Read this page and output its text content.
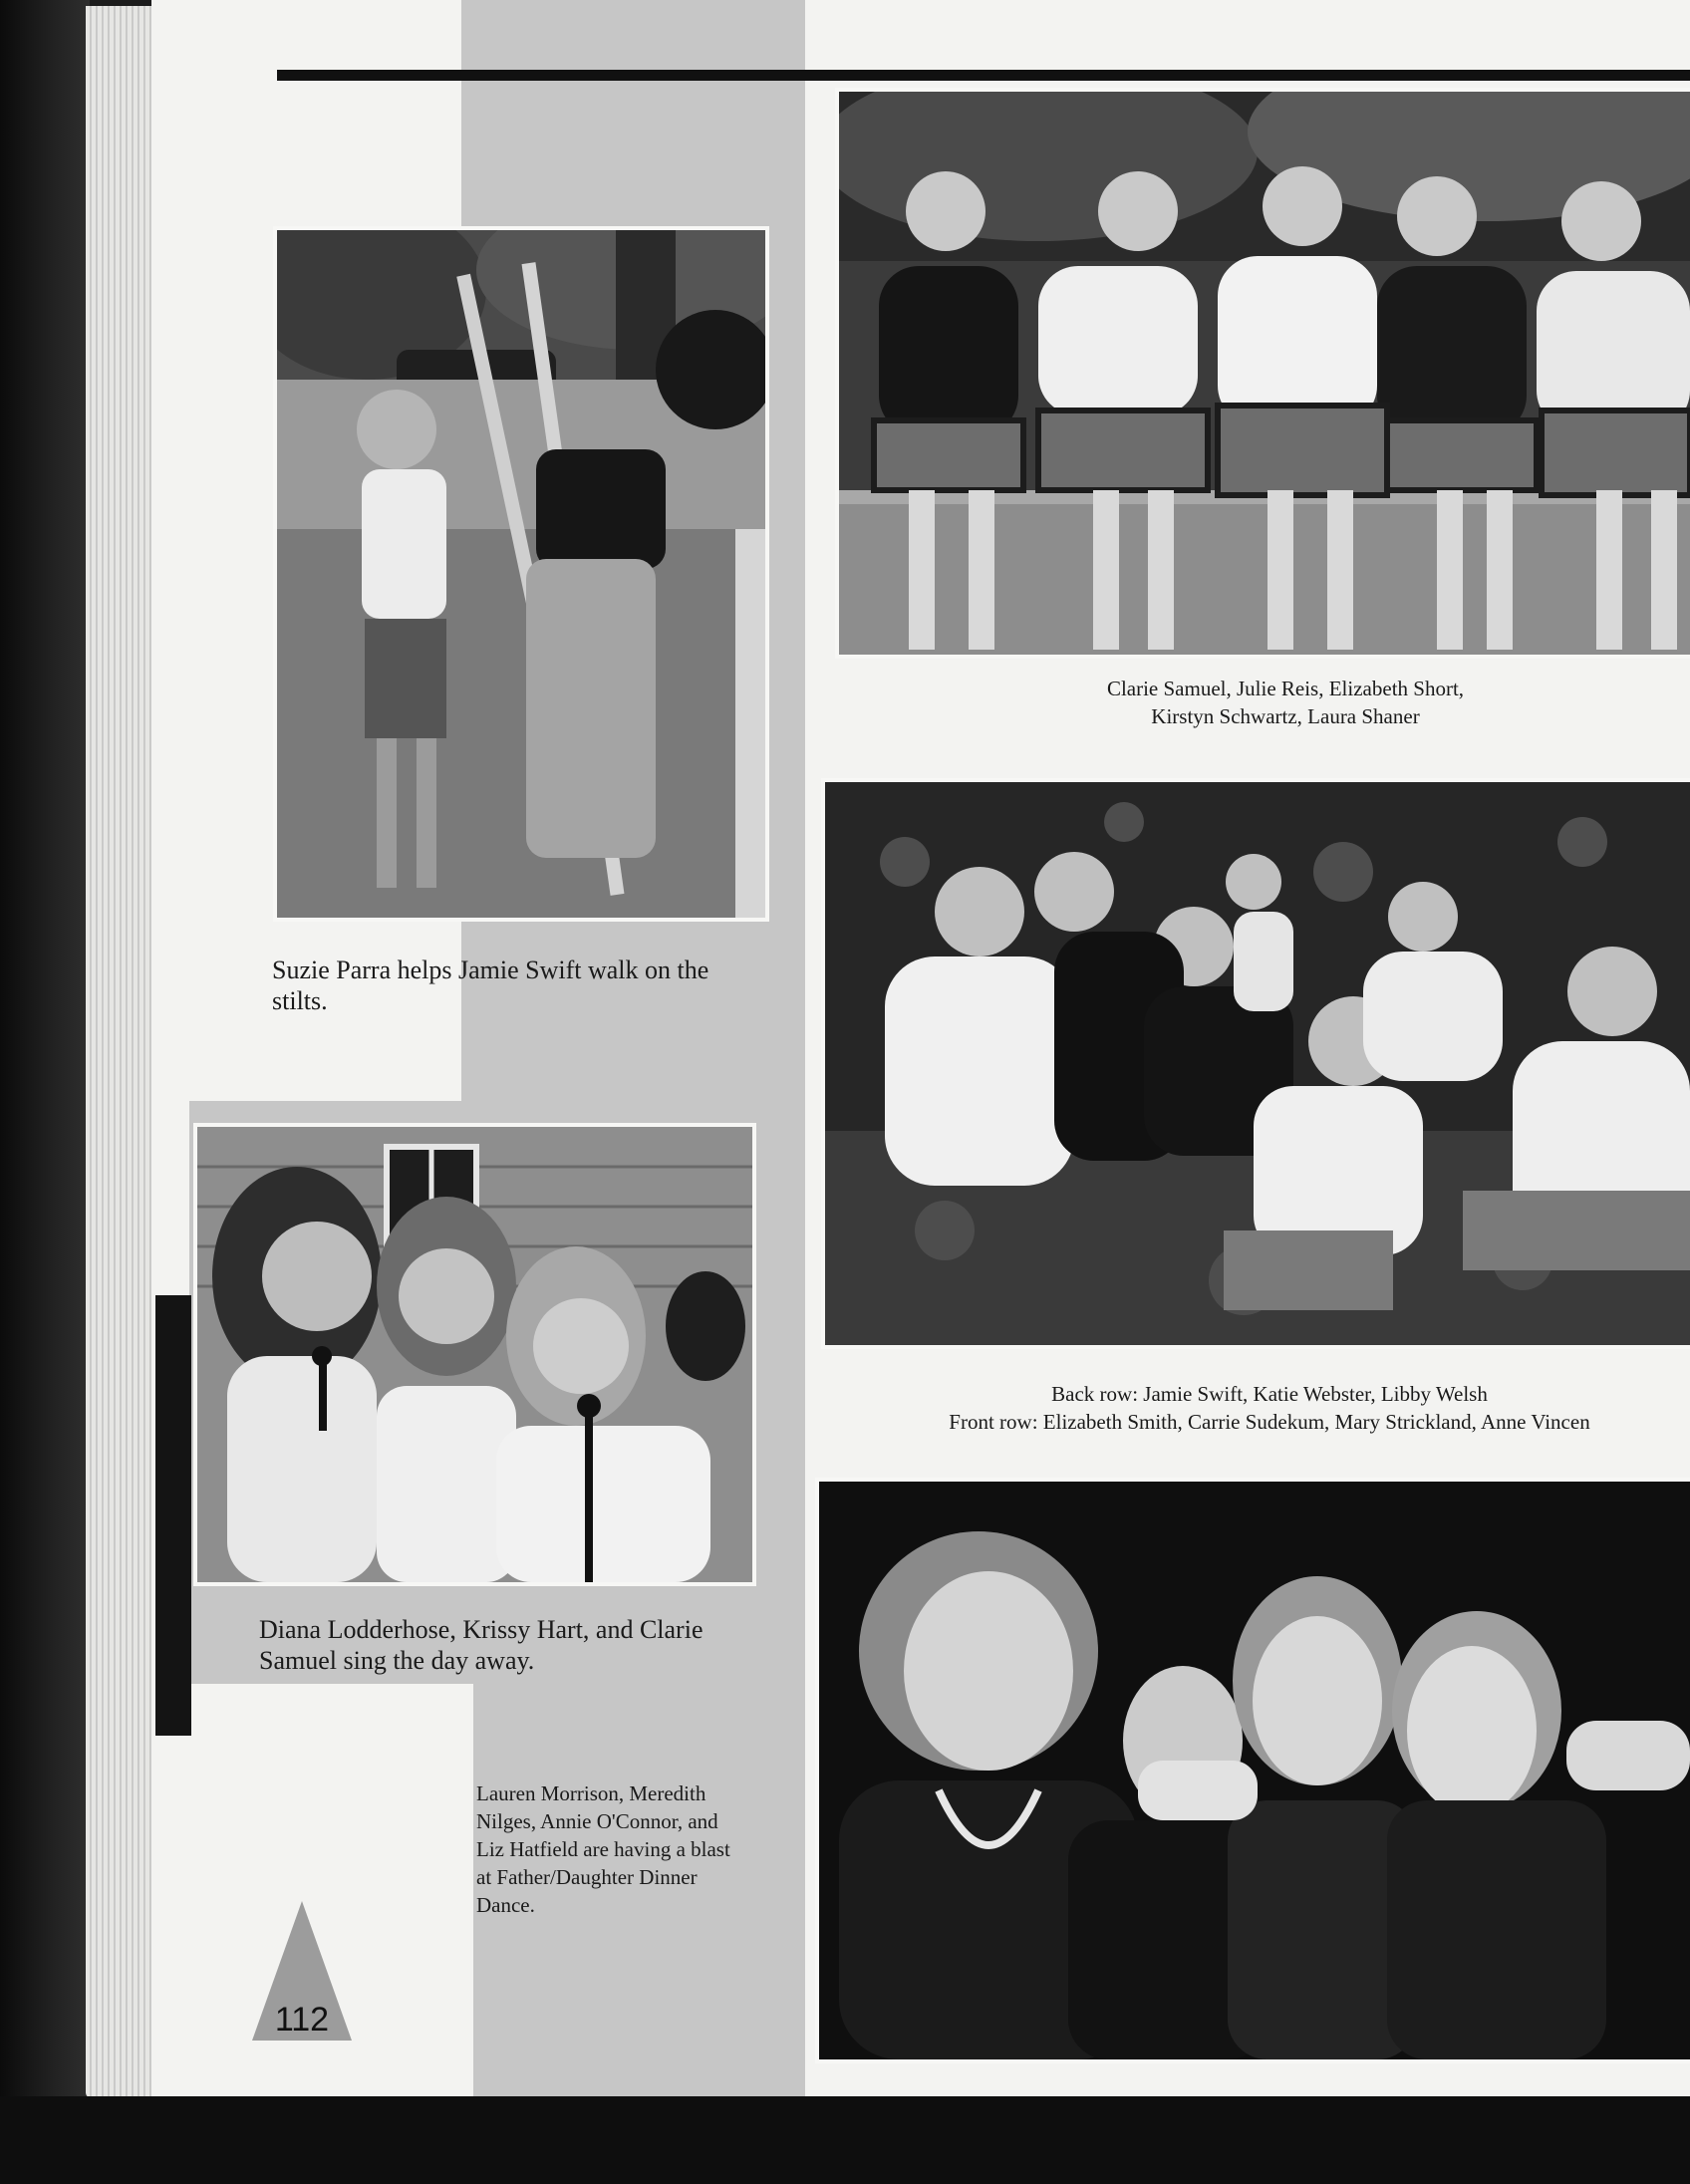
Suzie Parra helps Jamie Swift walk on the stilts.

Clarie Samuel, Julie Reis, Elizabeth Short,
Kirstyn Schwartz, Laura Shaner

Back row: Jamie Swift, Katie Webster, Libby Welsh
Front row: Elizabeth Smith, Carrie Sudekum, Mary Strickland, Anne Vincen

Diana Lodderhose, Krissy Hart, and Clarie Samuel sing the day away.

Lauren Morrison, Meredith Nilges, Annie O'Connor, and Liz Hatfield are having a blast at Father/Daughter Dinner Dance.

112
